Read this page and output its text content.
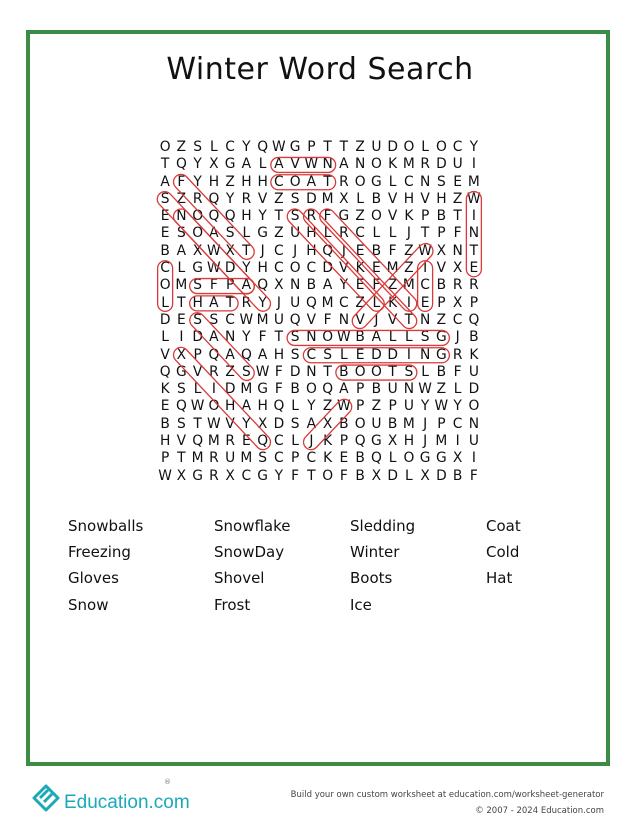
Winter Word Search
O Z S L C Y Q W G P T T Z U D O L O C Y
T Q Y X G A L A V W N A N O K M R D U I
A F Y H Z H H C O A T R O G L C N S E M
S Z R Q Y R V Z S D M X L B V H V H Z W
E N O Q Q H Y T S R F G Z O V K P B T I
E S O A S L G Z U H L R C L L J T P F N
B A X W X T J C J H Q J E B F Z W X N T
C L G W D Y H C O C D V K E M Z I V X E
O M S F P A Q X N B A Y E F Z M C B R R
L T H A T R Y J U Q M C Z L K I E P X P
D E S S C W M U Q V F N V J V T N Z C Q
L I D A N Y F T S N O W B A L L S G J B
V X P Q A Q A H S C S L E D D I N G R K
Q G V R Z S W F D N T B O O T S L B F U
K S L I D M G F B O Q A P B U N W Z L D
E Q W O H A H Q L Y Z W P Z P U Y W Y O
B S T W V Y X D S A X B O U B M J P C N
H V Q M R E Q C L J K P Q G X H J M I U
P T M R U M S C P C K E B Q L O G G X I
W X G R X C G Y F T O F B X D L X D B F
Snowballs
Freezing
Gloves
Snow
Snowflake
SnowDay
Shovel
Frost
Sledding
Winter
Boots
Ice
Coat
Cold
Hat
Education.com
®
Build your own custom worksheet at education.com/worksheet-generator
© 2007 - 2024 Education.com
